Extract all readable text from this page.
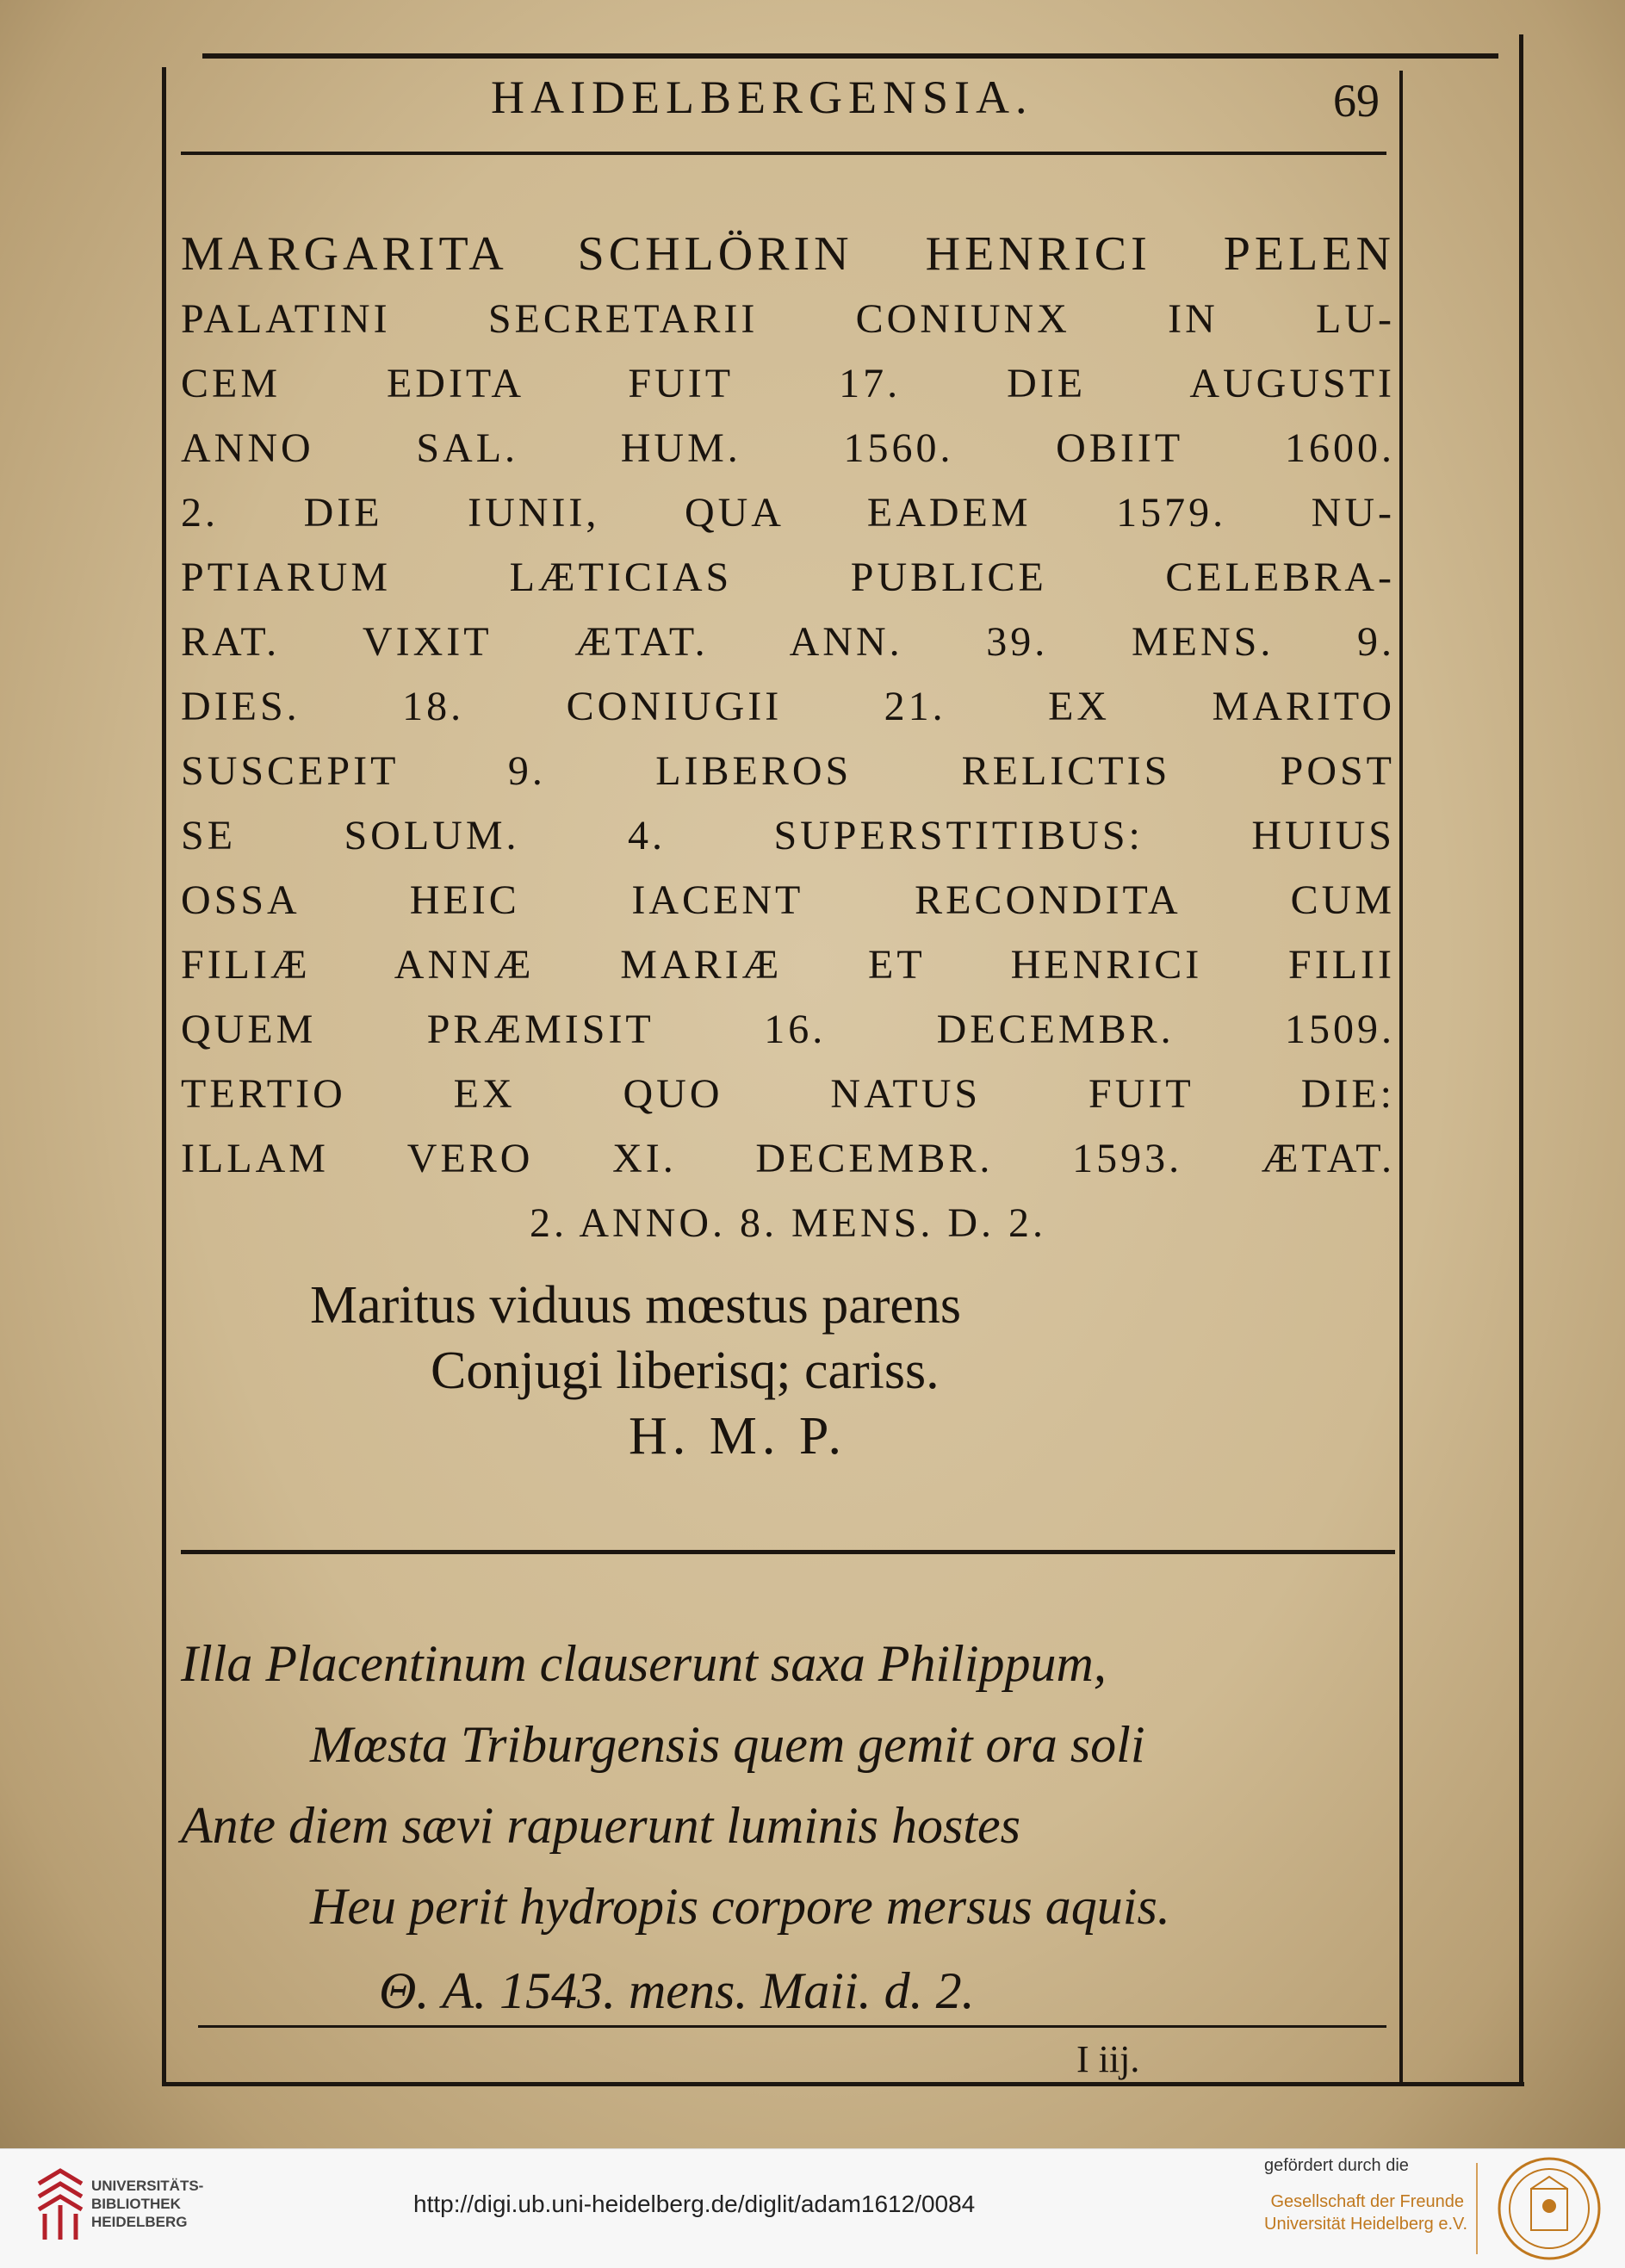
HAIDELBERGENSIA.	69
MARGARITA SCHLÖRIN HENRICI PELEN
PALATINI SECRETARII CONIUNX IN LU-
CEM EDITA FUIT 17. DIE AUGUSTI
ANNO SAL. HUM. 1560. OBIIT 1600.
2. DIE IUNII, QUA EADEM 1579. NU-
PTIARUM LÆTICIAS PUBLICE CELEBRA-
RAT. VIXIT ÆTAT. ANN. 39. MENS. 9.
DIES. 18. CONIUGII 21. EX MARITO
SUSCEPIT 9. LIBEROS RELICTIS POST
SE SOLUM. 4. SUPERSTITIBUS: HUIUS
OSSA HEIC IACENT RECONDITA CUM
FILIÆ ANNÆ MARIÆ ET HENRICI FILII
QUEM PRÆMISIT 16. DECEMBR. 1509.
TERTIO EX QUO NATUS FUIT DIE:
ILLAM VERO XI. DECEMBR. 1593. ÆTAT.
2. ANNO. 8. MENS. D. 2.
Maritus viduus mœstus parens
Conjugi liberisq; cariss.
H. M. P.
Illa Placentinum clauserunt saxa Philippum,
Mœsta Triburgensis quem gemit ora soli
Ante diem sævi rapuerunt luminis hostes
Heu perit hydropis corpore mersus aquis.
Θ. A. 1543. mens. Maii. d. 2.
I iij.
UNIVERSITÄTS-
BIBLIOTHEK
HEIDELBERG
http://digi.ub.uni-heidelberg.de/diglit/adam1612/0084
gefördert durch die
Gesellschaft der Freunde
Universität Heidelberg e.V.
